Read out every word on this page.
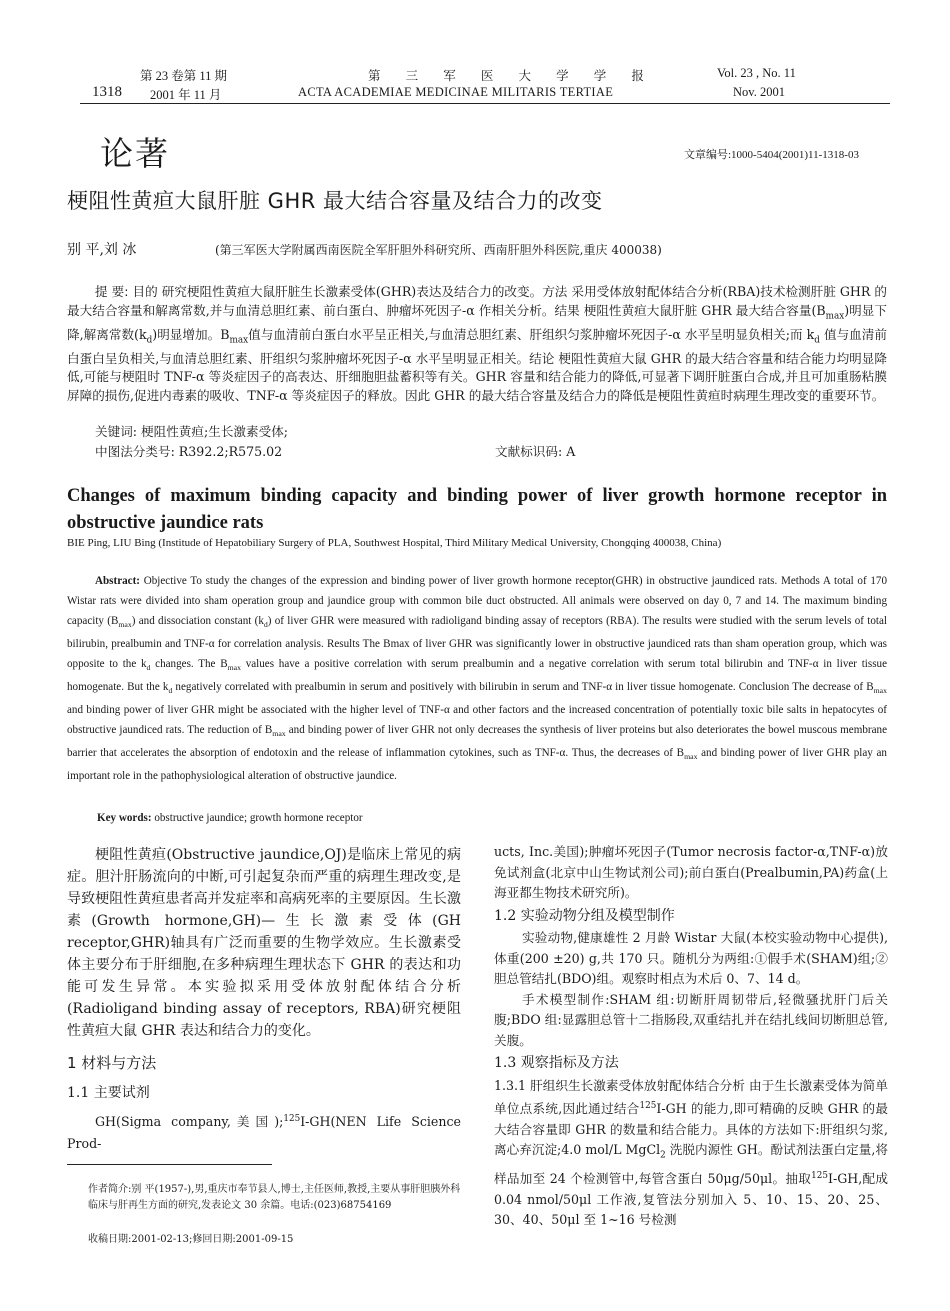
1318
第 23 卷第 11 期
2001 年 11 月
第 三 军 医 大 学 学 报
ACTA ACADEMIAE MEDICINAE MILITARIS TERTIAE
Vol. 23 , No. 11
Nov. 2001
论著	文章编号:1000-5404(2001)11-1318-03
梗阻性黄疸大鼠肝脏 GHR 最大结合容量及结合力的改变
别 平,刘 冰	(第三军医大学附属西南医院全军肝胆外科研究所、西南肝胆外科医院,重庆 400038)
提 要: 目的 研究梗阻性黄疸大鼠肝脏生长激素受体(GHR)表达及结合力的改变。方法 采用受体放射配体结合分析(RBA)技术检测肝脏 GHR 的最大结合容量和解离常数,并与血清总胆红素、前白蛋白、肿瘤坏死因子-α 作相关分析。结果 梗阻性黄疸大鼠肝脏 GHR 最大结合容量$(B_{max})$明显下降,解离常数$(k_d)$明显增加。$B_{max}$值与血清前白蛋白水平呈正相关,与血清总胆红素、肝组织匀浆肿瘤坏死因子-α 水平呈明显负相关;而 $k_d$ 值与血清前白蛋白呈负相关,与血清总胆红素、肝组织匀浆肿瘤坏死因子-α 水平呈明显正相关。结论 梗阻性黄疸大鼠 GHR 的最大结合容量和结合能力均明显降低,可能与梗阻时 TNF-α 等炎症因子的高表达、肝细胞胆盐蓄积等有关。GHR 容量和结合能力的降低,可显著下调肝脏蛋白合成,并且可加重肠粘膜屏障的损伤,促进内毒素的吸收、TNF-α 等炎症因子的释放。因此 GHR 的最大结合容量及结合力的降低是梗阻性黄疸时病理生理改变的重要环节。
关键词: 梗阻性黄疸;生长激素受体;
中图法分类号: R392.2;R575.02	文献标识码: A
Changes of maximum binding capacity and binding power of liver growth hormone receptor in obstructive jaundice rats
BIE Ping, LIU Bing (Institude of Hepatobiliary Surgery of PLA, Southwest Hospital, Third Military Medical University, Chongqing 400038, China)
Abstract: Objective To study the changes of the expression and binding power of liver growth hormone receptor(GHR) in obstructive jaundiced rats. Methods A total of 170 Wistar rats were divided into sham operation group and jaundice group with common bile duct obstructed. All animals were observed on day 0, 7 and 14. The maximum binding capacity $(B_{max})$ and dissociation constant $(k_d)$ of liver GHR were measured with radioligand binding assay of receptors (RBA). The results were studied with the serum levels of total bilirubin, prealbumin and TNF-α for correlation analysis. Results The Bmax of liver GHR was significantly lower in obstructive jaundiced rats than sham operation group, which was opposite to the $k_d$ changes. The $B_{max}$ values have a positive correlation with serum prealbumin and a negative correlation with serum total bilirubin and TNF-α in liver tissue homogenate. But the $k_d$ negatively correlated with prealbumin in serum and positively with bilirubin in serum and TNF-α in liver tissue homogenate. Conclusion The decrease of $B_{max}$ and binding power of liver GHR might be associated with the higher level of TNF-α and other factors and the increased concentration of potentially toxic bile salts in hepatocytes of obstructive jaundiced rats. The reduction of $B_{max}$ and binding power of liver GHR not only decreases the synthesis of liver proteins but also deteriorates the bowel muscous membrane barrier that accelerates the absorption of endotoxin and the release of inflammation cytokines, such as TNF-α. Thus, the decreases of $B_{max}$ and binding power of liver GHR play an important role in the pathophysiological alteration of obstructive jaundice.
Key words: obstructive jaundice; growth hormone receptor

梗阻性黄疸(Obstructive jaundice,OJ)是临床上常见的病症。胆汁肝肠流向的中断,可引起复杂而严重的病理生理改变,是导致梗阻性黄疸患者高并发症率和高病死率的主要原因。生长激素(Growth hormone,GH)—生长激素受体(GH receptor,GHR)轴具有广泛而重要的生物学效应。生长激素受体主要分布于肝细胞,在多种病理生理状态下 GHR 的表达和功能可发生异常。本实验拟采用受体放射配体结合分析(Radioligand binding assay of receptors, RBA)研究梗阻性黄疸大鼠 GHR 表达和结合力的变化。

1 材料与方法
1.1 主要试剂

GH(Sigma company,美国);$^{125}$I-GH(NEN Life Science Prod-

ucts, Inc.美国);肿瘤坏死因子(Tumor necrosis factor-α,TNF-α)放免试剂盒(北京中山生物试剂公司);前白蛋白(Prealbumin,PA)药盒(上海亚都生物技术研究所)。

1.2 实验动物分组及模型制作

实验动物,健康雄性 2 月龄 Wistar 大鼠(本校实验动物中心提供),体重(200 ±20) g,共 170 只。随机分为两组:①假手术(SHAM)组;②胆总管结扎(BDO)组。观察时相点为术后 0、7、14 d。

手术模型制作:SHAM 组:切断肝周韧带后,轻微骚扰肝门后关腹;BDO 组:显露胆总管十二指肠段,双重结扎并在结扎线间切断胆总管,关腹。

1.3 观察指标及方法

1.3.1 肝组织生长激素受体放射配体结合分析 由于生长激素受体为简单单位点系统,因此通过结合$^{125}$I-GH 的能力,即可精确的反映 GHR 的最大结合容量即 GHR 的数量和结合能力。具体的方法如下:肝组织匀浆,离心弃沉淀;4.0 mol/L MgCl$_2$ 洗脱内源性 GH。酚试剂法蛋白定量,将样品加至 24 个检测管中,每管含蛋白 50μg/50μl。抽取$^{125}$I-GH,配成 0.04 nmol/50μl 工作液,复管法分别加入 5、10、15、20、25、30、40、50μl 至 1~16 号检测

作者简介:别 平(1957-),男,重庆市奉节县人,博士,主任医师,教授,主要从事肝胆胰外科临床与肝再生方面的研究,发表论文 30 余篇。电话:(023)68754169
收稿日期:2001-02-13;修回日期:2001-09-15
